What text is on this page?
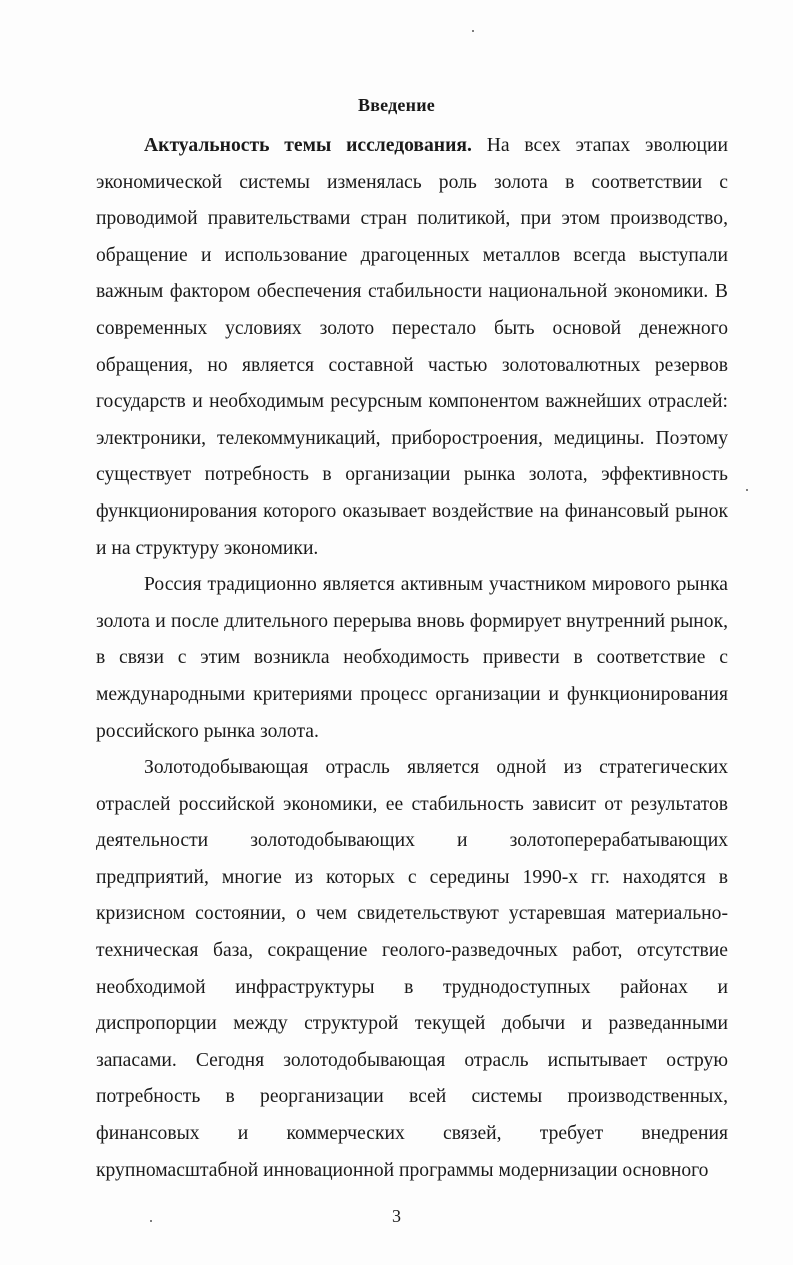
Введение

Актуальность темы исследования. На всех этапах эволюции экономической системы изменялась роль золота в соответствии с проводимой правительствами стран политикой, при этом производство, обращение и использование драгоценных металлов всегда выступали важным фактором обеспечения стабильности национальной экономики. В современных условиях золото перестало быть основой денежного обращения, но является составной частью золотовалютных резервов государств и необходимым ресурсным компонентом важнейших отраслей: электроники, телекоммуникаций, приборостроения, медицины. Поэтому существует потребность в организации рынка золота, эффективность функционирования которого оказывает воздействие на финансовый рынок и на структуру экономики.

Россия традиционно является активным участником мирового рынка золота и после длительного перерыва вновь формирует внутренний рынок, в связи с этим возникла необходимость привести в соответствие с международными критериями процесс организации и функционирования российского рынка золота.

Золотодобывающая отрасль является одной из стратегических отраслей российской экономики, ее стабильность зависит от результатов деятельности золотодобывающих и золотоперерабатывающих предприятий, многие из которых с середины 1990-х гг. находятся в кризисном состоянии, о чем свидетельствуют устаревшая материально-техническая база, сокращение геолого-разведочных работ, отсутствие необходимой инфраструктуры в труднодоступных районах и диспропорции между структурой текущей добычи и разведанными запасами. Сегодня золотодобывающая отрасль испытывает острую потребность в реорганизации всей системы производственных, финансовых и коммерческих связей, требует внедрения крупномасштабной инновационной программы модернизации основного

3
